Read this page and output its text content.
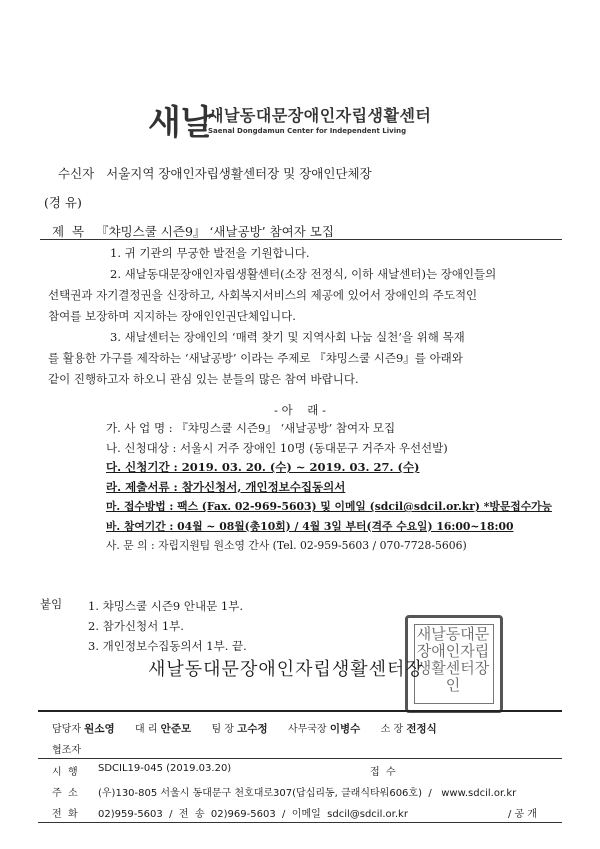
새날
새날동대문장애인자립생활센터
Saenal Dongdamun Center for Independent Living
수신자 서울지역 장애인자립생활센터장 및 장애인단체장
(경 유)
제  목 『챠밍스쿨 시즌9』 ‘새날공방’ 참여자 모집
1. 귀 기관의 무궁한 발전을 기원합니다.
2. 새날동대문장애인자립생활센터(소장 전정식, 이하 새날센터)는 장애인들의
선택권과 자기결정권을 신장하고, 사회복지서비스의 제공에 있어서 장애인의 주도적인
참여를 보장하며 지지하는 장애인인권단체입니다.
3. 새날센터는 장애인의 ‘매력 찾기 및 지역사회 나눔 실천’을 위해 목재
를 활용한 가구를 제작하는 ‘새날공방’ 이라는 주제로 『챠밍스쿨 시즌9』를 아래와
같이 진행하고자 하오니 관심 있는 분들의 많은 참여 바랍니다.
- 아    래 -
가. 사 업 명 : 『챠밍스쿨 시즌9』 ‘새날공방’ 참여자 모집
나. 신청대상 : 서울시 거주 장애인 10명 (동대문구 거주자 우선선발)
다. 신청기간 : 2019. 03. 20. (수) ~ 2019. 03. 27. (수)
라. 제출서류 : 참가신청서, 개인정보수집동의서
마. 접수방법 : 팩스 (Fax. 02-969-5603) 및 이메일 (sdcil@sdcil.or.kr) *방문접수가능
바. 참여기간 : 04월 ~ 08월(총10회) / 4월 3일 부터(격주 수요일) 16:00~18:00
사. 문 의 : 자립지원팀 원소영 간사 (Tel. 02-959-5603 / 070-7728-5606)
붙임 1. 챠밍스쿨 시즌9 안내문 1부.
2. 참가신청서 1부.
3. 개인정보수집동의서 1부. 끝.
새날동대문장애인자립생활센터장인
새날동대문장애인자립생활센터장
담당자 원소영 대 리 안준모 팀 장 고수정 사무국장 이병수 소 장 전정식
협조자
시  행 SDCIL19-045 (2019.03.20)	접  수
주  소 (우)130-805 서울시 동대문구 천호대로307(답십리동, 클래식타워606호)  /   www.sdcil.or.kr
전  화 02)959-5603  /  전  송 02)969-5603  /  이메일 sdcil@sdcil.or.kr	/ 공 개
